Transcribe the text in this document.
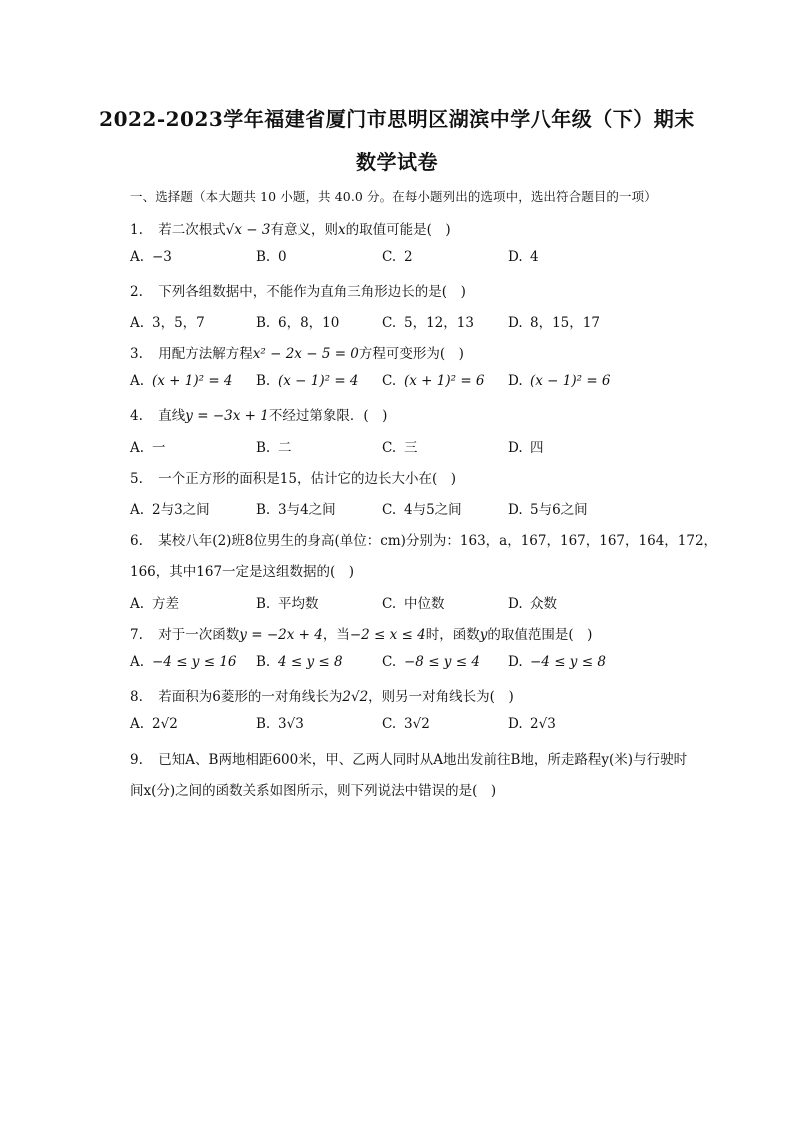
2022-2023学年福建省厦门市思明区湖滨中学八年级（下）期末
数学试卷
一、选择题（本大题共 10 小题，共 40.0 分。在每小题列出的选项中，选出符合题目的一项）
1. 若二次根式√x − 3有意义，则x的取值可能是(　)
A. −3	B. 0	C. 2	D. 4
2. 下列各组数据中，不能作为直角三角形边长的是(　)
A. 3，5，7	B. 6，8，10	C. 5，12，13	D. 8，15，17
3. 用配方法解方程x² − 2x − 5 = 0方程可变形为(　)
A. (x + 1)² = 4 B. (x − 1)² = 4 C. (x + 1)² = 6 D. (x − 1)² = 6
4. 直线y = −3x + 1不经过第象限．(　)
A. 一	B. 二	C. 三	D. 四
5. 一个正方形的面积是15，估计它的边长大小在(　)
A. 2与3之间	B. 3与4之间	C. 4与5之间	D. 5与6之间
6. 某校八年(2)班8位男生的身高(单位：cm)分别为：163，a，167，167，167，164，172，
166，其中167一定是这组数据的(　)
A. 方差	B. 平均数	C. 中位数	D. 众数
7. 对于一次函数y = −2x + 4，当−2 ≤ x ≤ 4时，函数y的取值范围是(　)
A. −4 ≤ y ≤ 16 B. 4 ≤ y ≤ 8	C. −8 ≤ y ≤ 4 D. −4 ≤ y ≤ 8
8. 若面积为6菱形的一对角线长为2√2，则另一对角线长为(　)
A. 2√2	B. 3√3	C. 3√2	D. 2√3
9. 已知A、B两地相距600米，甲、乙两人同时从A地出发前往B地，所走路程y(米)与行驶时
间x(分)之间的函数关系如图所示，则下列说法中错误的是(　)
